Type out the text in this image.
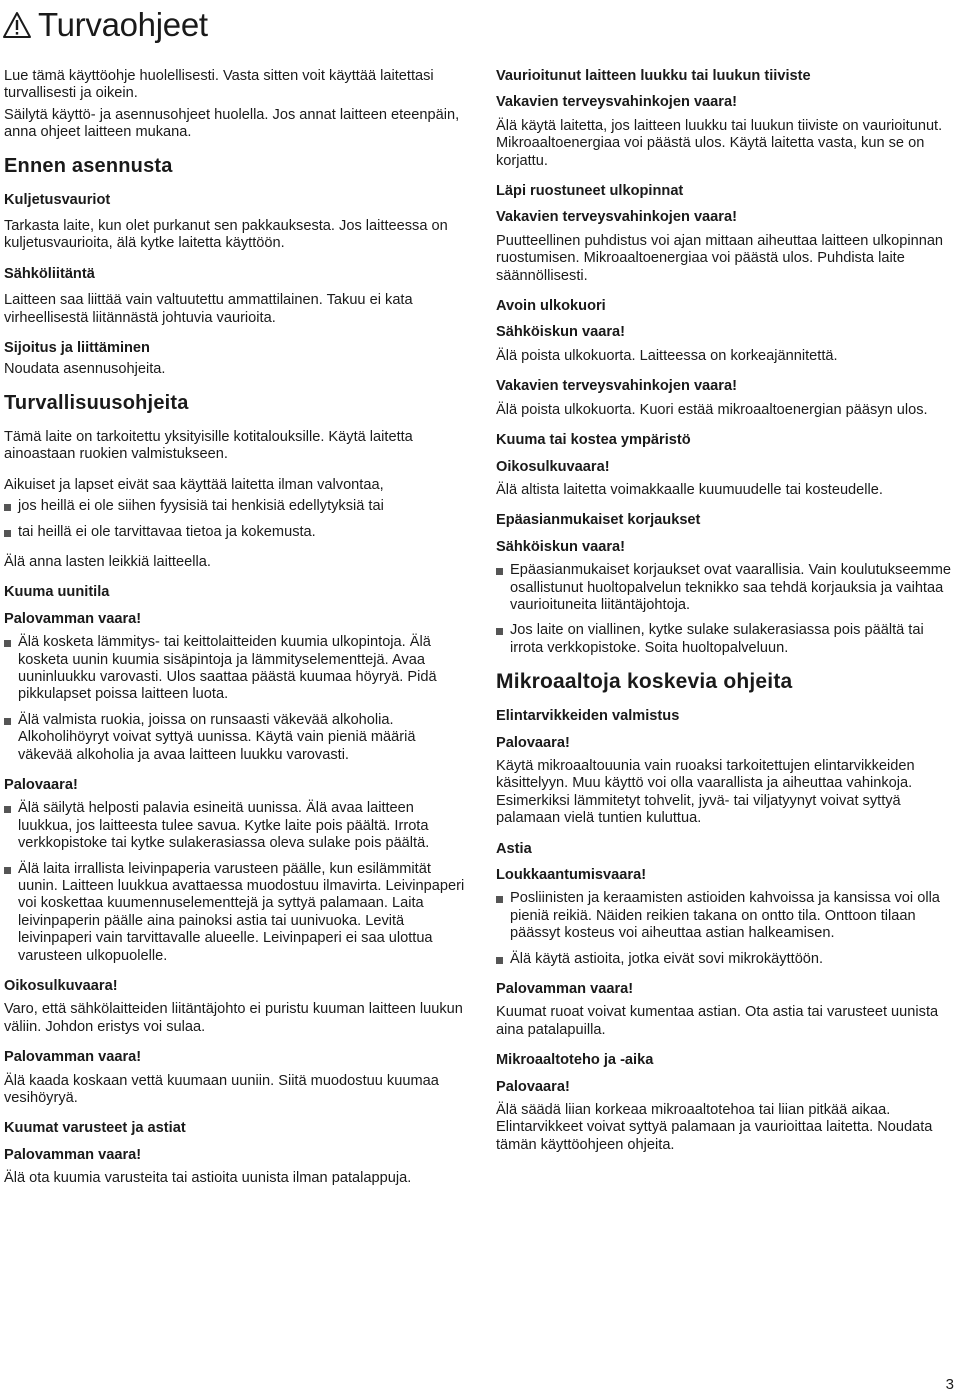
Turvaohjeet

Lue tämä käyttöohje huolellisesti. Vasta sitten voit käyttää laitettasi turvallisesti ja oikein.

Säilytä käyttö- ja asennusohjeet huolella. Jos annat laitteen eteenpäin, anna ohjeet laitteen mukana.

Ennen asennusta
Kuljetusvauriot

Tarkasta laite, kun olet purkanut sen pakkauksesta. Jos laitteessa on kuljetusvaurioita, älä kytke laitetta käyttöön.

Sähköliitäntä

Laitteen saa liittää vain valtuutettu ammattilainen. Takuu ei kata virheellisestä liitännästä johtuvia vaurioita.

Sijoitus ja liittäminen

Noudata asennusohjeita.

Turvallisuusohjeita

Tämä laite on tarkoitettu yksityisille kotitalouksille. Käytä laitetta ainoastaan ruokien valmistukseen.

Aikuiset ja lapset eivät saa käyttää laitetta ilman valvontaa,

jos heillä ei ole siihen fyysisiä tai henkisiä edellytyksiä tai
tai heillä ei ole tarvittavaa tietoa ja kokemusta.

Älä anna lasten leikkiä laitteella.

Kuuma uunitila
Palovamman vaara!
Älä kosketa lämmitys- tai keittolaitteiden kuumia ulkopintoja. Älä kosketa uunin kuumia sisäpintoja ja lämmityselementtejä. Avaa uuninluukku varovasti. Ulos saattaa päästä kuumaa höyryä. Pidä pikkulapset poissa laitteen luota.
Älä valmista ruokia, joissa on runsaasti väkevää alkoholia. Alkoholihöyryt voivat syttyä uunissa. Käytä vain pieniä määriä väkevää alkoholia ja avaa laitteen luukku varovasti.
Palovaara!
Älä säilytä helposti palavia esineitä uunissa. Älä avaa laitteen luukkua, jos laitteesta tulee savua. Kytke laite pois päältä. Irrota verkkopistoke tai kytke sulakerasiassa oleva sulake pois päältä.
Älä laita irrallista leivinpaperia varusteen päälle, kun esilämmität uunin. Laitteen luukkua avattaessa muodostuu ilmavirta. Leivinpaperi voi koskettaa kuumennuselementtejä ja syttyä palamaan. Laita leivinpaperin päälle aina painoksi astia tai uunivuoka. Levitä leivinpaperi vain tarvittavalle alueelle. Leivinpaperi ei saa ulottua varusteen ulkopuolelle.
Oikosulkuvaara!

Varo, että sähkölaitteiden liitäntäjohto ei puristu kuuman laitteen luukun väliin. Johdon eristys voi sulaa.

Palovamman vaara!

Älä kaada koskaan vettä kuumaan uuniin. Siitä muodostuu kuumaa vesihöyryä.

Kuumat varusteet ja astiat
Palovamman vaara!

Älä ota kuumia varusteita tai astioita uunista ilman patalappuja.

Vaurioitunut laitteen luukku tai luukun tiiviste
Vakavien terveysvahinkojen vaara!

Älä käytä laitetta, jos laitteen luukku tai luukun tiiviste on vaurioitunut. Mikroaaltoenergiaa voi päästä ulos. Käytä laitetta vasta, kun se on korjattu.

Läpi ruostuneet ulkopinnat
Vakavien terveysvahinkojen vaara!

Puutteellinen puhdistus voi ajan mittaan aiheuttaa laitteen ulkopinnan ruostumisen. Mikroaaltoenergiaa voi päästä ulos. Puhdista laite säännöllisesti.

Avoin ulkokuori
Sähköiskun vaara!

Älä poista ulkokuorta. Laitteessa on korkeajännitettä.

Vakavien terveysvahinkojen vaara!

Älä poista ulkokuorta. Kuori estää mikroaaltoenergian pääsyn ulos.

Kuuma tai kostea ympäristö
Oikosulkuvaara!

Älä altista laitetta voimakkaalle kuumuudelle tai kosteudelle.

Epäasianmukaiset korjaukset
Sähköiskun vaara!
Epäasianmukaiset korjaukset ovat vaarallisia. Vain koulutukseemme osallistunut huoltopalvelun teknikko saa tehdä korjauksia ja vaihtaa vaurioituneita liitäntäjohtoja.
Jos laite on viallinen, kytke sulake sulakerasiassa pois päältä tai irrota verkkopistoke. Soita huoltopalveluun.
Mikroaaltoja koskevia ohjeita
Elintarvikkeiden valmistus
Palovaara!

Käytä mikroaaltouunia vain ruoaksi tarkoitettujen elintarvikkeiden käsittelyyn. Muu käyttö voi olla vaarallista ja aiheuttaa vahinkoja. Esimerkiksi lämmitetyt tohvelit, jyvä- tai viljatyynyt voivat syttyä palamaan vielä tuntien kuluttua.

Astia
Loukkaantumisvaara!
Posliinisten ja keraamisten astioiden kahvoissa ja kansissa voi olla pieniä reikiä. Näiden reikien takana on ontto tila. Onttoon tilaan päässyt kosteus voi aiheuttaa astian halkeamisen.
Älä käytä astioita, jotka eivät sovi mikrokäyttöön.
Palovamman vaara!

Kuumat ruoat voivat kumentaa astian. Ota astia tai varusteet uunista aina patalapuilla.

Mikroaaltoteho ja -aika
Palovaara!

Älä säädä liian korkeaa mikroaaltotehoa tai liian pitkää aikaa. Elintarvikkeet voivat syttyä palamaan ja vaurioittaa laitetta. Noudata tämän käyttöohjeen ohjeita.

3
